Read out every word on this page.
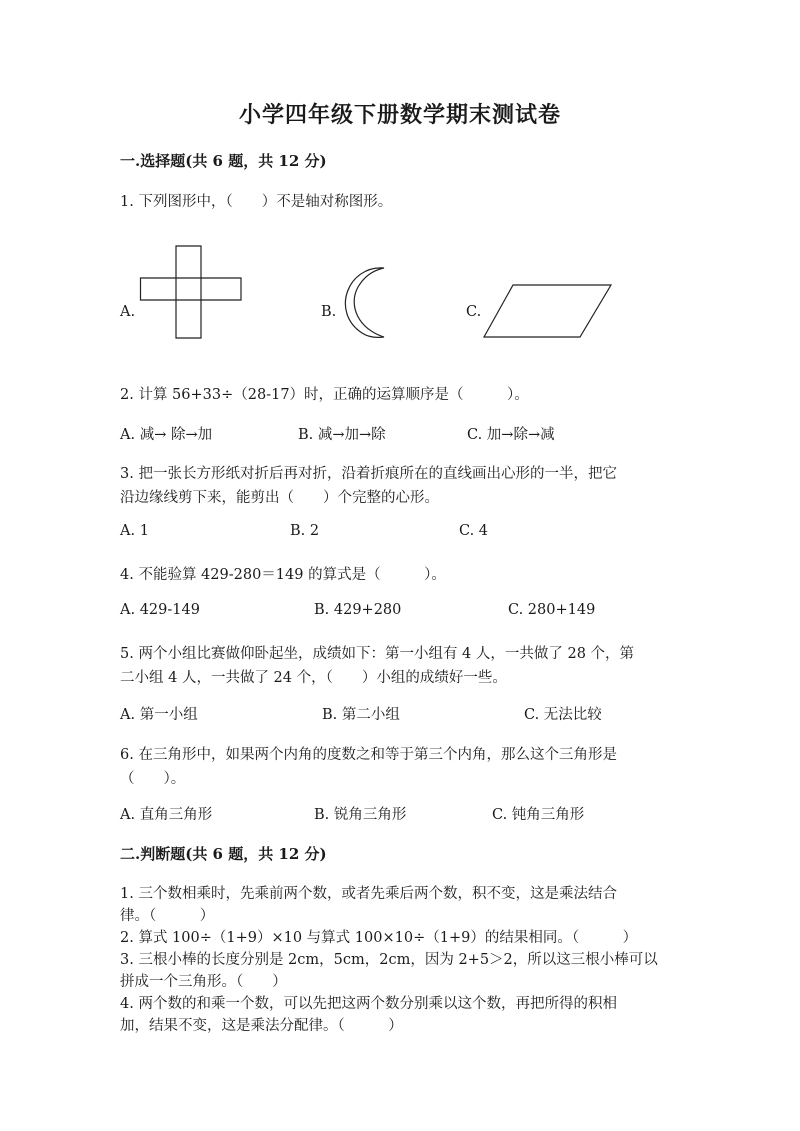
小学四年级下册数学期末测试卷
一.选择题(共 6 题，共 12 分)
1. 下列图形中，（　　）不是轴对称图形。
A.	B.	C.
2. 计算 56+33÷（28-17）时，正确的运算顺序是（　　　）。
A. 减→ 除→加	B. 减→加→除	C. 加→除→减
3. 把一张长方形纸对折后再对折，沿着折痕所在的直线画出心形的一半，把它
沿边缘线剪下来，能剪出（　　）个完整的心形。
A. 1	B. 2	C. 4
4. 不能验算 429-280＝149 的算式是（　　　）。
A. 429-149	B. 429+280	C. 280+149
5. 两个小组比赛做仰卧起坐，成绩如下：第一小组有 4 人，一共做了 28 个，第
二小组 4 人，一共做了 24 个，（　　）小组的成绩好一些。
A. 第一小组	B. 第二小组	C. 无法比较
6. 在三角形中，如果两个内角的度数之和等于第三个内角，那么这个三角形是
（　　）。
A. 直角三角形	B. 锐角三角形	C. 钝角三角形
二.判断题(共 6 题，共 12 分)
1. 三个数相乘时，先乘前两个数，或者先乘后两个数，积不变，这是乘法结合
律。（　　　）
2. 算式 100÷（1+9）×10 与算式 100×10÷（1+9）的结果相同。（　　　）
3. 三根小棒的长度分别是 2cm，5cm，2cm，因为 2+5＞2，所以这三根小棒可以
拼成一个三角形。（　　）
4. 两个数的和乘一个数，可以先把这两个数分别乘以这个数，再把所得的积相
加，结果不变，这是乘法分配律。（　　　）
